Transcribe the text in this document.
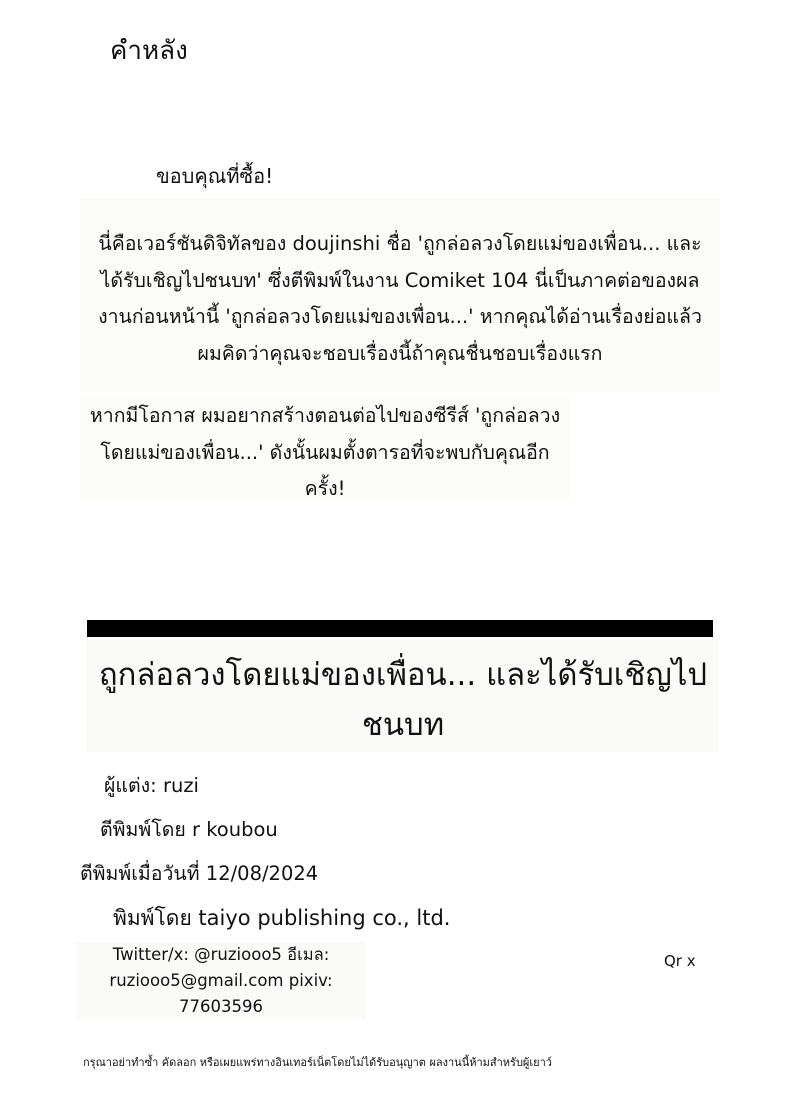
คำหลัง
ขอบคุณที่ซื้อ!
นี่คือเวอร์ชันดิจิทัลของ doujinshi ชื่อ 'ถูกล่อลวงโดยแม่ของเพื่อน... และ
ได้รับเชิญไปชนบท' ซึ่งตีพิมพ์ในงาน Comiket 104 นี่เป็นภาคต่อของผล
งานก่อนหน้านี้ 'ถูกล่อลวงโดยแม่ของเพื่อน...' หากคุณได้อ่านเรื่องย่อแล้ว
ผมคิดว่าคุณจะชอบเรื่องนี้ถ้าคุณชื่นชอบเรื่องแรก
หากมีโอกาส ผมอยากสร้างตอนต่อไปของซีรีส์ 'ถูกล่อลวง
โดยแม่ของเพื่อน...' ดังนั้นผมตั้งตารอที่จะพบกับคุณอีก
ครั้ง!
ถูกล่อลวงโดยแม่ของเพื่อน... และได้รับเชิญไป
ชนบท
ผู้แต่ง: ruzi
ตีพิมพ์โดย r koubou
ตีพิมพ์เมื่อวันที่ 12/08/2024
พิมพ์โดย taiyo publishing co., ltd.
Twitter/x: @ruziooo5 อีเมล:
ruziooo5@gmail.com pixiv:
77603596
Qr x
กรุณาอย่าทำซ้ำ คัดลอก หรือเผยแพร่ทางอินเทอร์เน็ตโดยไม่ได้รับอนุญาต ผลงานนี้ห้ามสำหรับผู้เยาว์
